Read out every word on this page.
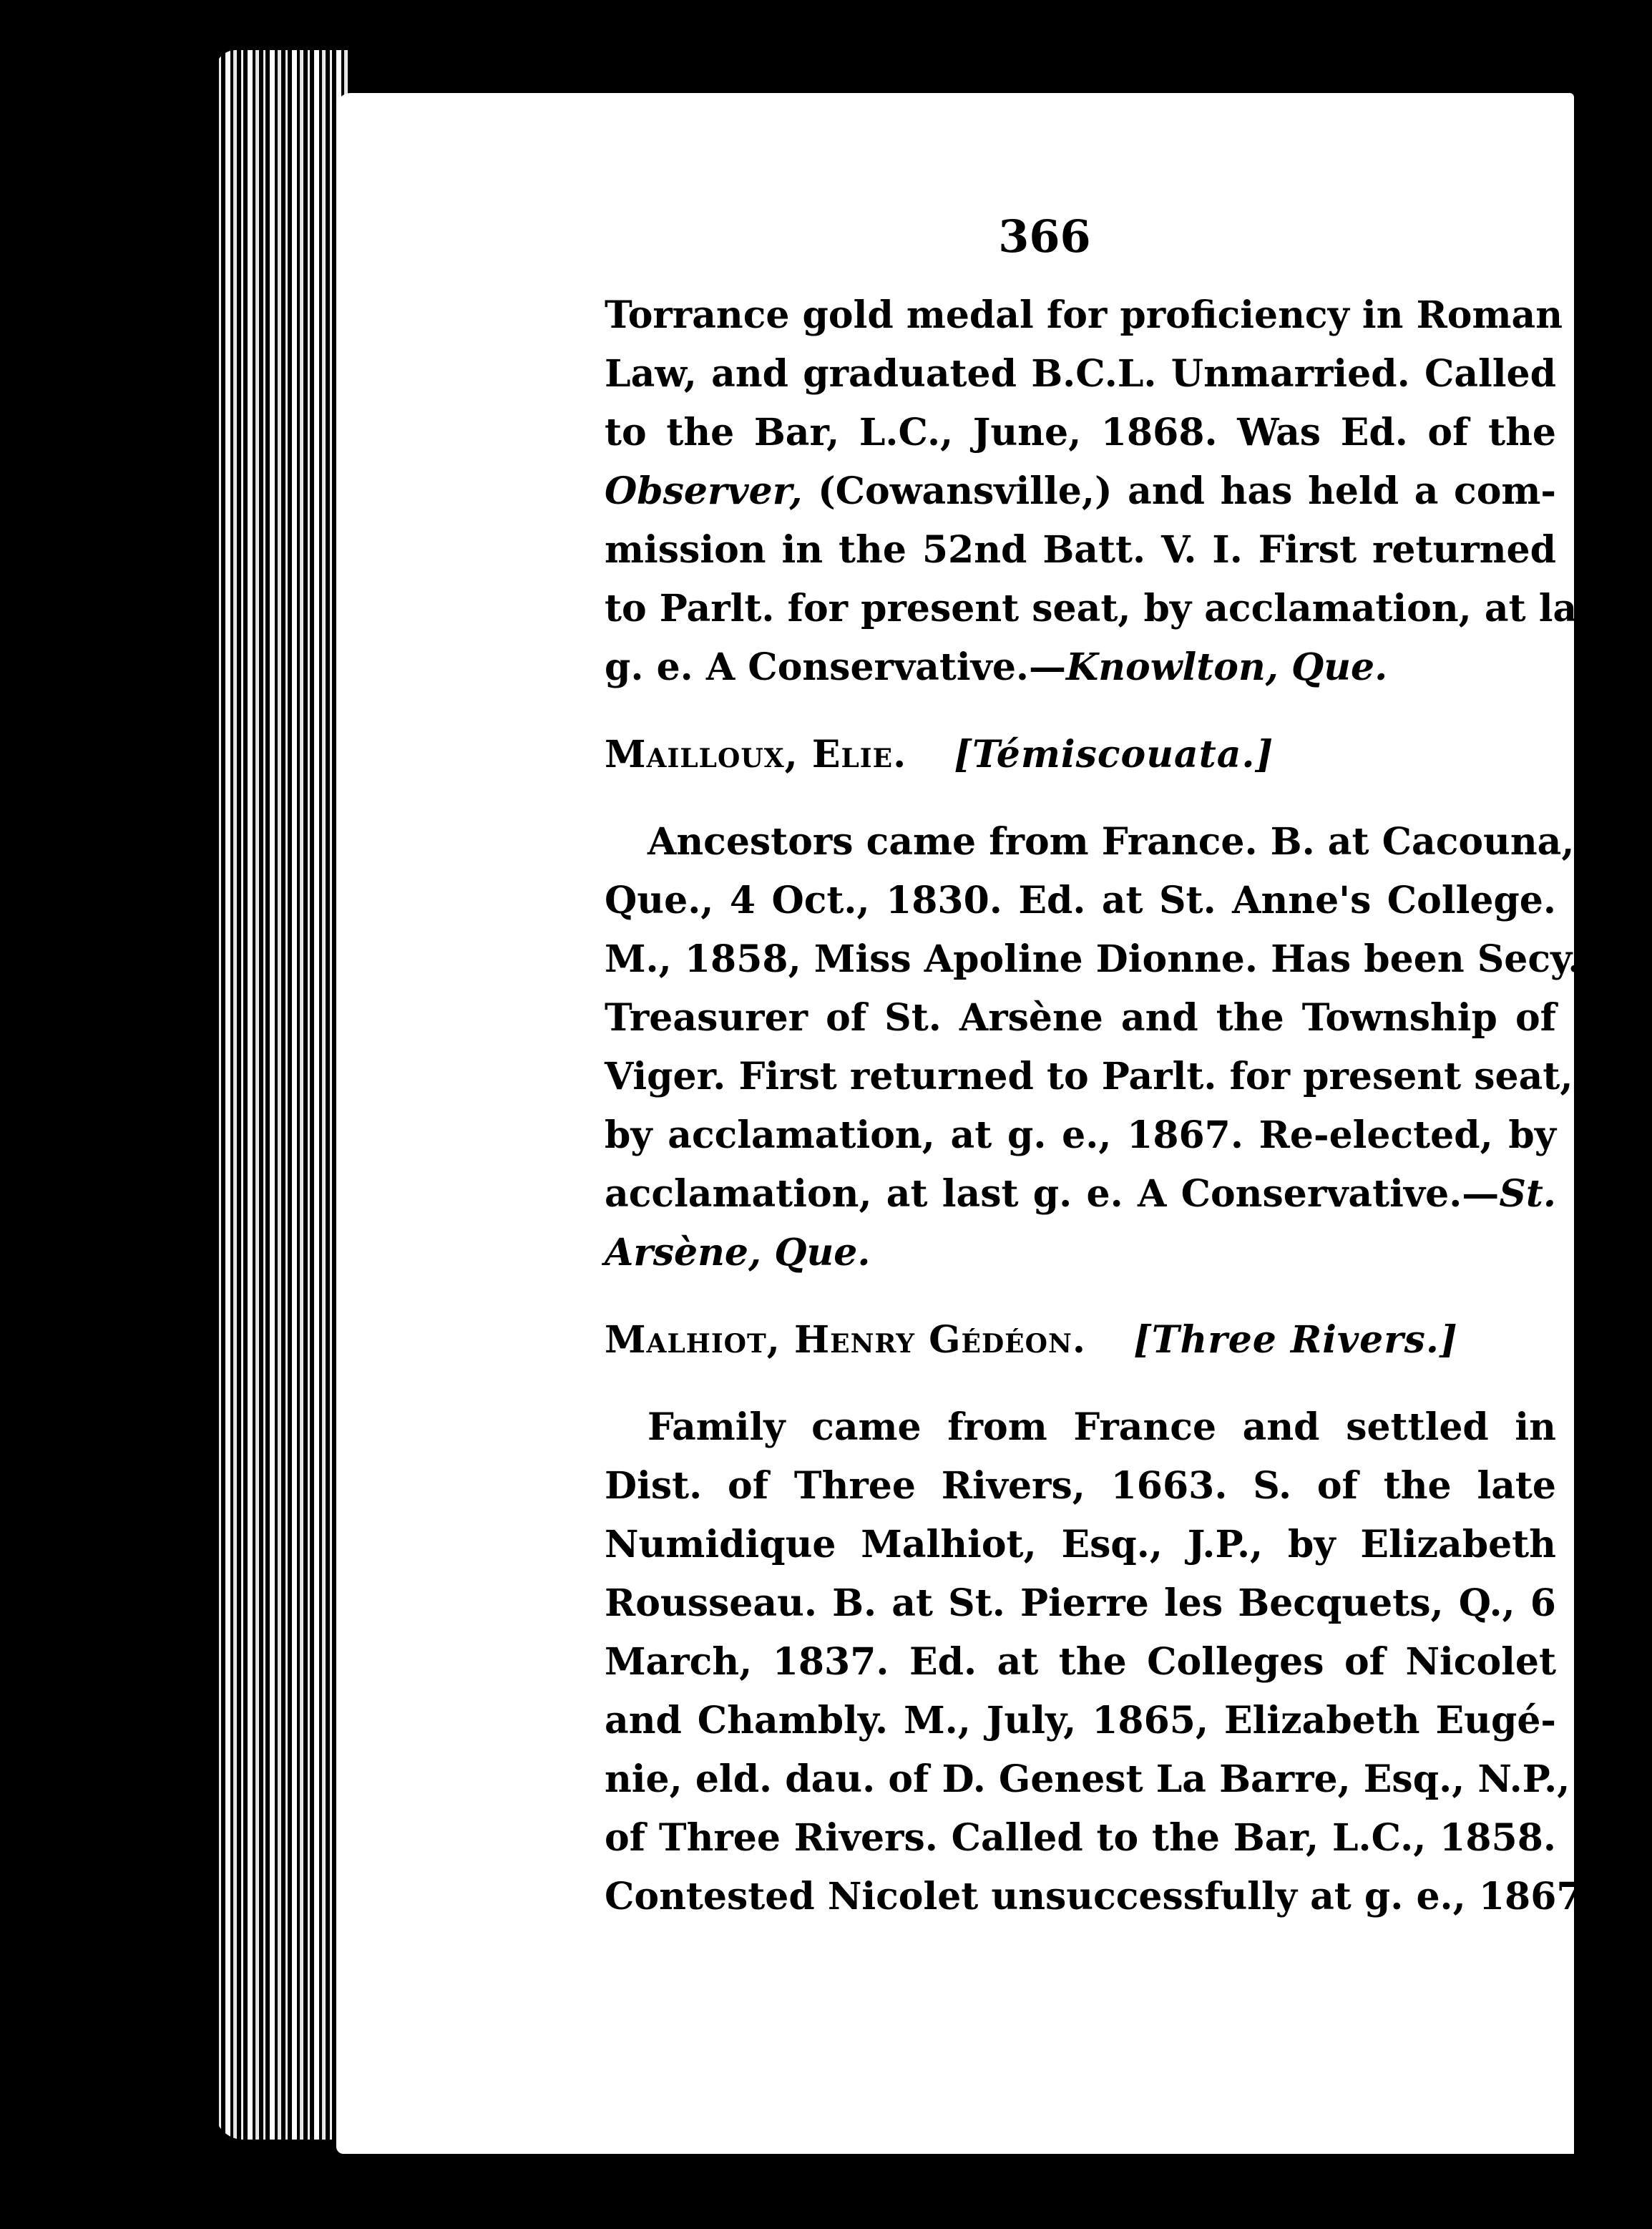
366
Torrance gold medal for proficiency in Roman
Law, and graduated B.C.L. Unmarried. Called
to the Bar, L.C., June, 1868. Was Ed. of the
Observer, (Cowansville,) and has held a com-
mission in the 52nd Batt. V. I. First returned
to Parlt. for present seat, by acclamation, at last
g. e. A Conservative.—Knowlton, Que.
Mailloux, Elie. [Témiscouata.]
Ancestors came from France. B. at Cacouna,
Que., 4 Oct., 1830. Ed. at St. Anne's College.
M., 1858, Miss Apoline Dionne. Has been Secy.-
Treasurer of St. Arsène and the Township of
Viger. First returned to Parlt. for present seat,
by acclamation, at g. e., 1867. Re-elected, by
acclamation, at last g. e. A Conservative.—St.
Arsène, Que.
Malhiot, Henry Gédéon. [Three Rivers.]
Family came from France and settled in
Dist. of Three Rivers, 1663. S. of the late
Numidique Malhiot, Esq., J.P., by Elizabeth
Rousseau. B. at St. Pierre les Becquets, Q., 6
March, 1837. Ed. at the Colleges of Nicolet
and Chambly. M., July, 1865, Elizabeth Eugé-
nie, eld. dau. of D. Genest La Barre, Esq., N.P.,
of Three Rivers. Called to the Bar, L.C., 1858.
Contested Nicolet unsuccessfully at g. e., 1867,
